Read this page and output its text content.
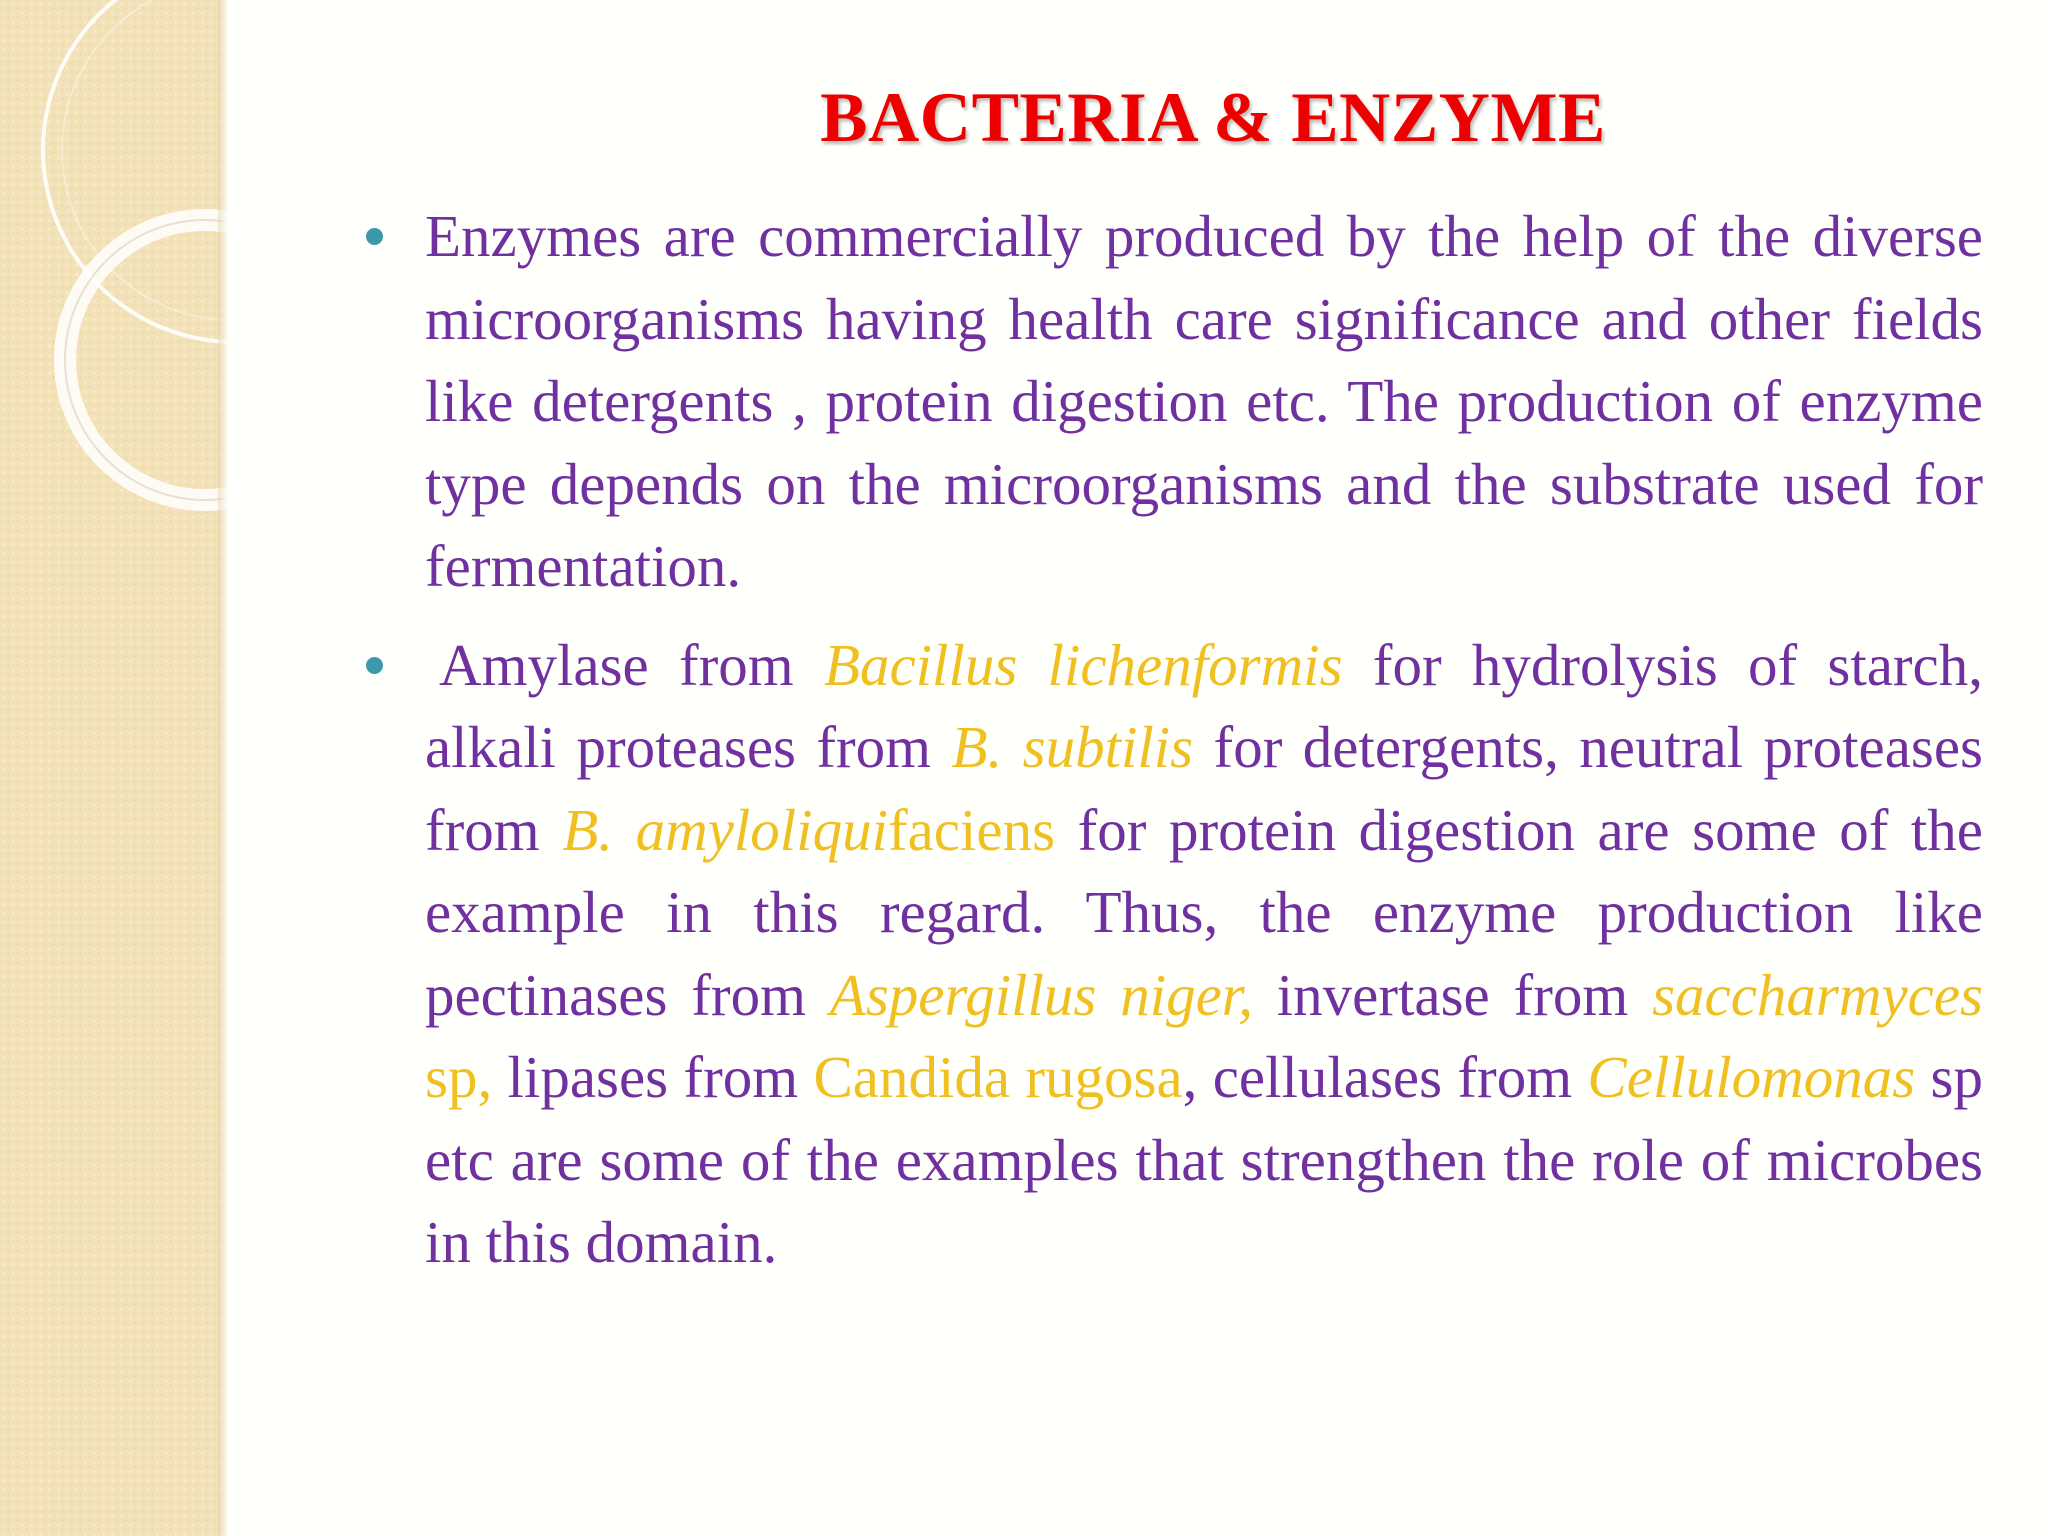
BACTERIA & ENZYME

Enzymes are commercially produced by the help of the diverse microorganisms having health care significance and other fields like detergents , protein digestion etc. The production of enzyme type depends on the microorganisms and the substrate used for fermentation.

Amylase from Bacillus lichenformis for hydrolysis of starch, alkali proteases from B. subtilis for detergents, neutral proteases from B. amyloliquifaciens for protein digestion are some of the example in this regard. Thus, the enzyme production like pectinases from Aspergillus niger, invertase from saccharmyces sp, lipases from Candida rugosa, cellulases from Cellulomonas sp etc are some of the examples that strengthen the role of microbes in this domain.
